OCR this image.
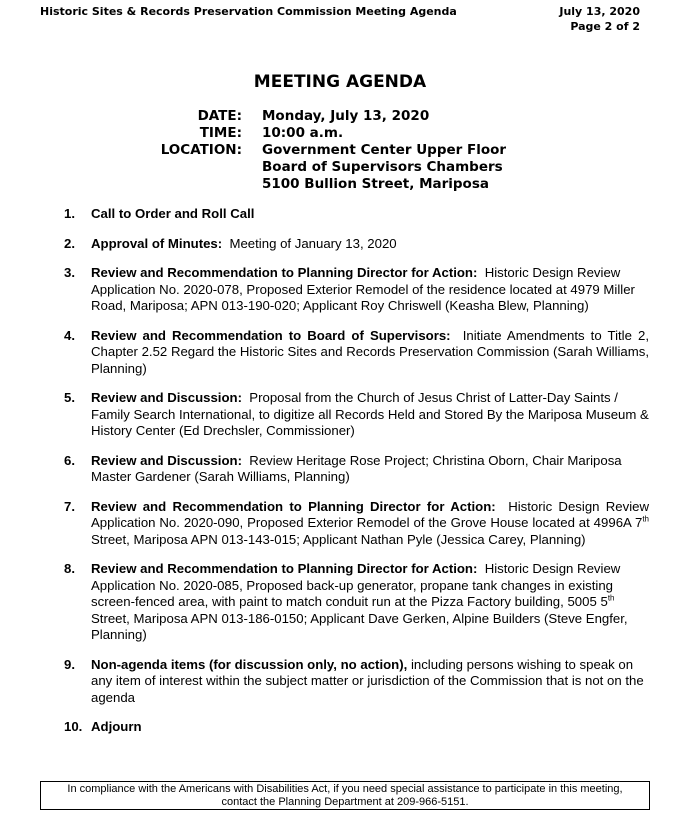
Historic Sites & Records Preservation Commission Meeting Agenda	July 13, 2020
Page 2 of 2
MEETING AGENDA
DATE:	Monday, July 13, 2020
TIME:	10:00 a.m.
LOCATION:	Government Center Upper Floor
Board of Supervisors Chambers
5100 Bullion Street, Mariposa
1.	Call to Order and Roll Call
2.	Approval of Minutes: Meeting of January 13, 2020
3.	Review and Recommendation to Planning Director for Action: Historic Design Review Application No. 2020-078, Proposed Exterior Remodel of the residence located at 4979 Miller Road, Mariposa; APN 013-190-020; Applicant Roy Chriswell (Keasha Blew, Planning)
4.	Review and Recommendation to Board of Supervisors: Initiate Amendments to Title 2, Chapter 2.52 Regard the Historic Sites and Records Preservation Commission (Sarah Williams, Planning)
5.	Review and Discussion: Proposal from the Church of Jesus Christ of Latter-Day Saints / Family Search International, to digitize all Records Held and Stored By the Mariposa Museum & History Center (Ed Drechsler, Commissioner)
6.	Review and Discussion: Review Heritage Rose Project; Christina Oborn, Chair Mariposa Master Gardener (Sarah Williams, Planning)
7.	Review and Recommendation to Planning Director for Action: Historic Design Review Application No. 2020-090, Proposed Exterior Remodel of the Grove House located at 4996A 7th Street, Mariposa APN 013-143-015; Applicant Nathan Pyle (Jessica Carey, Planning)
8.	Review and Recommendation to Planning Director for Action: Historic Design Review Application No. 2020-085, Proposed back-up generator, propane tank changes in existing screen-fenced area, with paint to match conduit run at the Pizza Factory building, 5005 5th Street, Mariposa APN 013-186-0150; Applicant Dave Gerken, Alpine Builders (Steve Engfer, Planning)
9.	Non-agenda items (for discussion only, no action), including persons wishing to speak on any item of interest within the subject matter or jurisdiction of the Commission that is not on the agenda
10. Adjourn
In compliance with the Americans with Disabilities Act, if you need special assistance to participate in this meeting,
contact the Planning Department at 209-966-5151.
